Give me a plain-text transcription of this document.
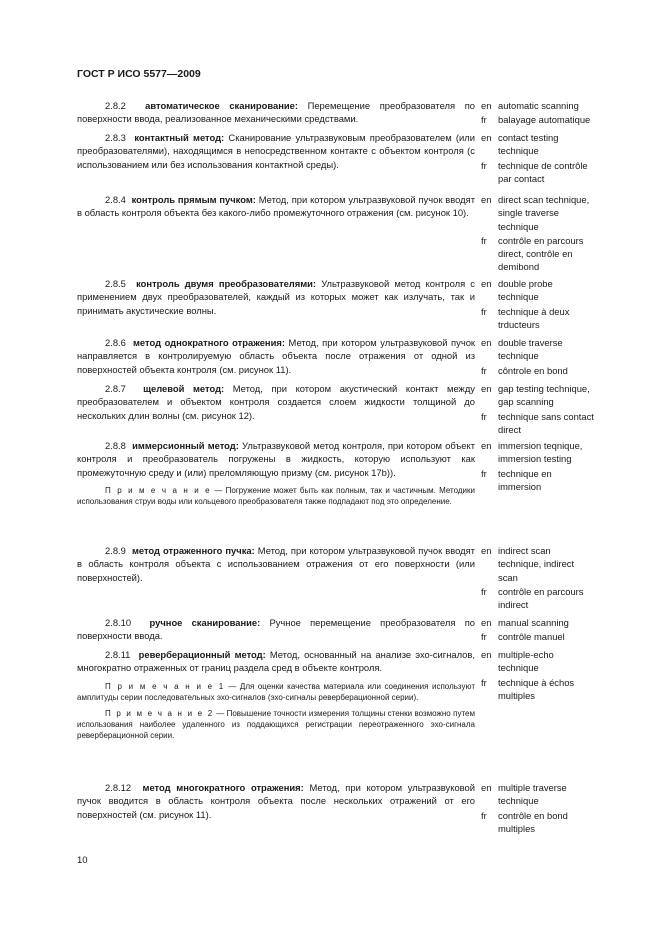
ГОСТ Р ИСО 5577—2009

2.8.2 автоматическое сканирование: Перемещение преобразователя по поверхности ввода, реализованное механическими средствами.

en automatic scanning
fr	balayage automatique

2.8.3 контактный метод: Сканирование ультразвуковым преобразователем (или преобразователями), находящимся в непосредственном контакте с объектом контроля (с использованием или без использования контактной среды).

en contact testing
technique
fr	technique de contrôle
par contact

2.8.4 контроль прямым пучком: Метод, при котором ультразвуковой пучок вводят в область контроля объекта без какого-либо промежуточного отражения (см. рисунок 10).

en direct scan technique,
single traverse
technique
fr	contrôle en parcours
direct, contrôle en
demibond

2.8.5 контроль двумя преобразователями: Ультразвуковой метод контроля с применением двух преобразователей, каждый из которых может как излучать, так и принимать акустические волны.

en double probe
technique
fr	technique à deux
trducteurs

2.8.6 метод однократного отражения: Метод, при котором ультразвуковой пучок направляется в контролируемую область объекта после отражения от одной из поверхностей объекта контроля (см. рисунок 11).

en double traverse
technique
fr	côntrole en bond

2.8.7 щелевой метод: Метод, при котором акустический контакт между преобразователем и объектом контроля создается слоем жидкости толщиной до нескольких длин волны (см. рисунок 12).

en gap testing technique,
gap scanning
fr	technique sans contact
direct

2.8.8 иммерсионный метод: Ультразвуковой метод контроля, при котором объект контроля и преобразователь погружены в жидкость, которую используют как промежуточную среду и (или) преломляющую призму (см. рисунок 17b)).

П р и м е ч а н и е — Погружение может быть как полным, так и частичным. Методики использования струи воды или кольцевого преобразователя также подпадают под это определение.
en immersion teqnique,
immersion testing
fr	technique en
immersion

2.8.9 метод отраженного пучка: Метод, при котором ультразвуковой пучок вводят в область контроля объекта с использованием отражения от его поверхности (или поверхностей).

en indirect scan
technique, indirect
scan
fr	contrôle en parcours
indirect

2.8.10 ручное сканирование: Ручное перемещение преобразователя по поверхности ввода.

en manual scanning
fr	contrôle manuel

2.8.11 реверберационный метод: Метод, основанный на анализе эхо-сигналов, многократно отраженных от границ раздела сред в объекте контроля.

П р и м е ч а н и е 1 — Для оценки качества материала или соединения используют амплитуды серии последовательных эхо-сигналов (эхо-сигналы реверберационной серии).
П р и м е ч а н и е 2 — Повышение точности измерения толщины стенки возможно путем использования наиболее удаленного из поддающихся регистрации переотраженного эхо-сигнала реверберационной серии.
en multiple-echo
technique
fr	technique à échos
multiples

2.8.12 метод многократного отражения: Метод, при котором ультразвуковой пучок вводится в область контроля объекта после нескольких отражений от его поверхностей (см. рисунок 11).

en multiple traverse
technique
fr	contrôle en bond
multiples
10
